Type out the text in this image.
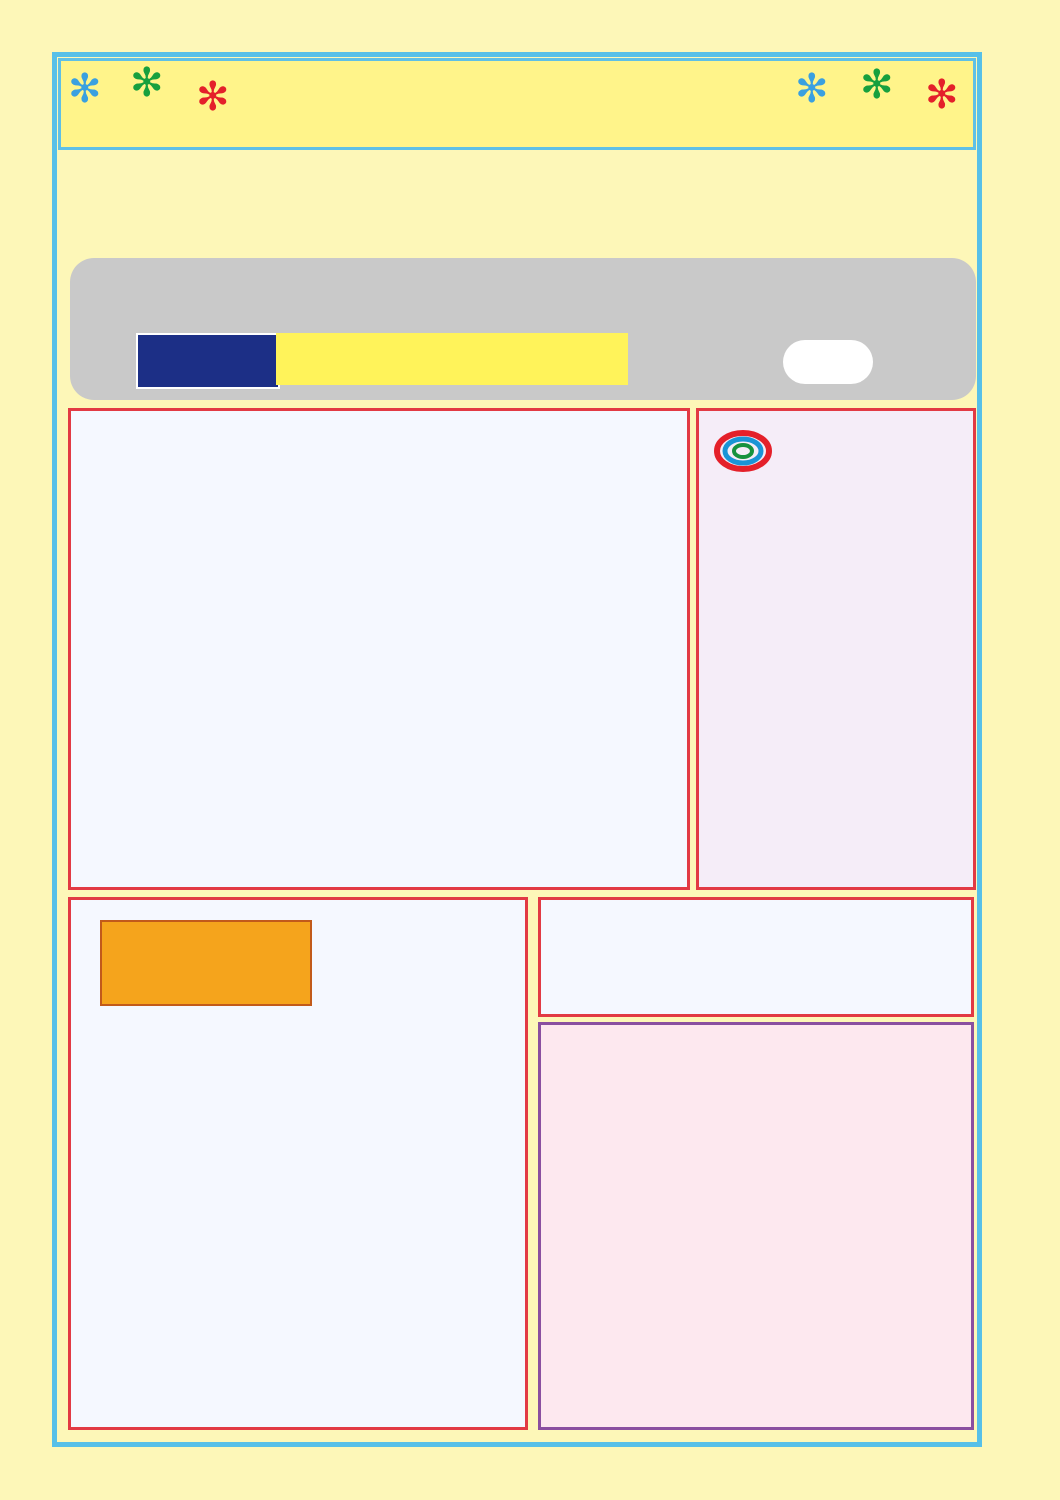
✻ ✻ ✻	✻ ✻ ✻
